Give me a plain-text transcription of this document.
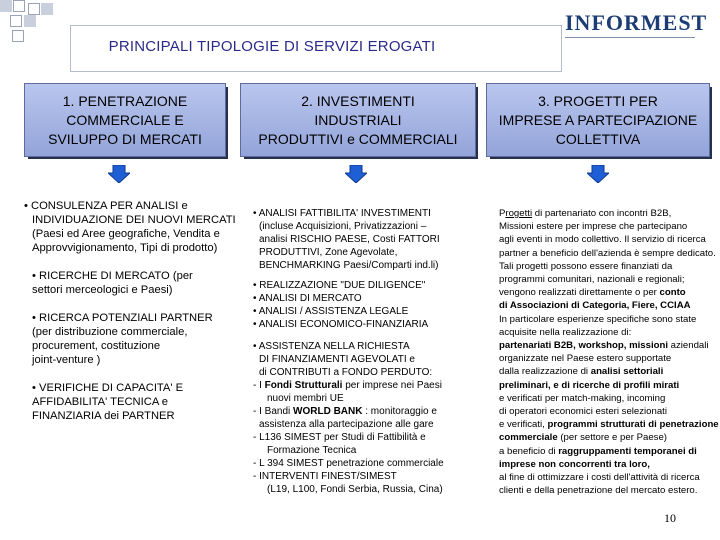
PRINCIPALI TIPOLOGIE DI SERVIZI EROGATI
INFORMEST
1. PENETRAZIONE
COMMERCIALE E
SVILUPPO DI MERCATI
2. INVESTIMENTI
INDUSTRIALI
PRODUTTIVI e COMMERCIALI
3. PROGETTI PER
IMPRESE A PARTECIPAZIONE
COLLETTIVA
• CONSULENZA PER ANALISI e
INDIVIDUAZIONE DEI NUOVI MERCATI
(Paesi ed Aree geografiche, Vendita e
Approvvigionamento, Tipi di prodotto)
• RICERCHE DI MERCATO (per
settori merceologici e Paesi)
• RICERCA POTENZIALI PARTNER
(per distribuzione commerciale,
procurement, costituzione
joint-venture )
• VERIFICHE DI CAPACITA' E
AFFIDABILITA' TECNICA e
FINANZIARIA dei PARTNER
• ANALISI FATTIBILITA' INVESTIMENTI
(incluse Acquisizioni, Privatizzazioni –
analisi RISCHIO PAESE, Costi FATTORI
PRODUTTIVI, Zone Agevolate,
BENCHMARKING Paesi/Comparti ind.li)
• REALIZZAZIONE "DUE DILIGENCE"
• ANALISI DI MERCATO
• ANALISI / ASSISTENZA LEGALE
• ANALISI ECONOMICO-FINANZIARIA
• ASSISTENZA NELLA RICHIESTA
DI FINANZIAMENTI AGEVOLATI e
di CONTRIBUTI a FONDO PERDUTO:
- I Fondi Strutturali per imprese nei Paesi
nuovi membri UE
- I Bandi WORLD BANK : monitoraggio e
assistenza alla partecipazione alle gare
- L136 SIMEST per Studi di Fattibilità e
Formazione Tecnica
- L 394 SIMEST penetrazione commerciale
- INTERVENTI FINEST/SIMEST
(L19, L100, Fondi Serbia, Russia, Cina)
Progetti di partenariato con incontri B2B,
Missioni estere per imprese che partecipano
agli eventi in modo collettivo. Il servizio di ricerca
partner a beneficio dell'azienda è sempre dedicato.
Tali progetti possono essere finanziati da
programmi comunitari, nazionali e regionali;
vengono realizzati direttamente o per conto
di Associazioni di Categoria, Fiere, CCIAA
In particolare esperienze specifiche sono state
acquisite nella realizzazione di:
partenariati B2B, workshop, missioni aziendali
organizzate nel Paese estero supportate
dalla realizzazione di analisi settoriali
preliminari, e di ricerche di profili mirati
e verificati per match-making, incoming
di operatori economici esteri selezionati
e verificati, programmi strutturati di penetrazione
commerciale (per settore e per Paese)
a beneficio di raggruppamenti temporanei di
imprese non concorrenti tra loro,
al fine di ottimizzare i costi dell'attività di ricerca
clienti e della penetrazione del mercato estero.
10
